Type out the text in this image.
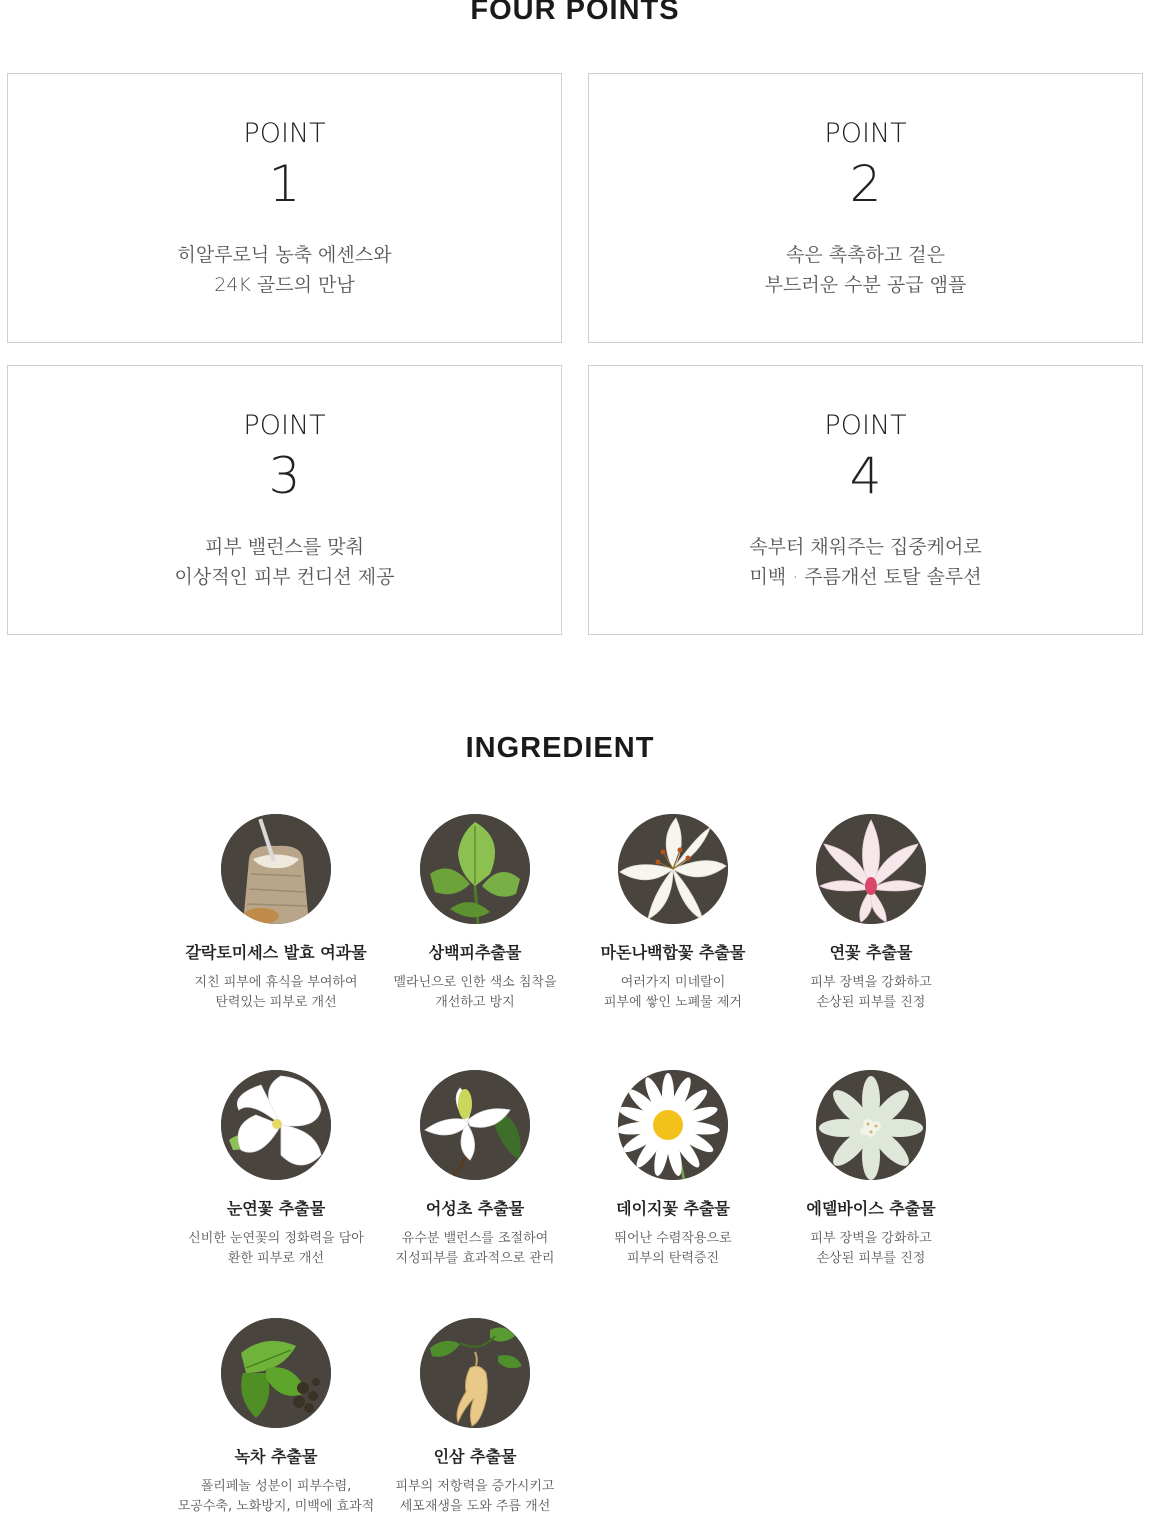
FOUR POINTS
POINT
1
히알루로닉 농축 에센스와
24K 골드의 만남
POINT
2
속은 촉촉하고 겉은
부드러운 수분 공급 앰플
POINT
3
피부 밸런스를 맞춰
이상적인 피부 컨디션 제공
POINT
4
속부터 채워주는 집중케어로
미백 · 주름개선 토탈 솔루션
INGREDIENT
갈락토미세스 발효 여과물
지친 피부에 휴식을 부여하여
탄력있는 피부로 개선
상백피추출물
멜라닌으로 인한 색소 침착을
개선하고 방지
마돈나백합꽃 추출물
여러가지 미네랄이
피부에 쌓인 노폐물 제거
연꽃 추출물
피부 장벽을 강화하고
손상된 피부를 진정
눈연꽃 추출물
신비한 눈연꽃의 정화력을 담아
환한 피부로 개선
어성초 추출물
유수분 밸런스를 조절하여
지성피부를 효과적으로 관리
데이지꽃 추출물
뛰어난 수렴작용으로
피부의 탄력증진
에델바이스 추출물
피부 장벽을 강화하고
손상된 피부를 진정
녹차 추출물
폴리페놀 성분이 피부수렴,
모공수축, 노화방지, 미백에 효과적
인삼 추출물
피부의 저항력을 증가시키고
세포재생을 도와 주름 개선
